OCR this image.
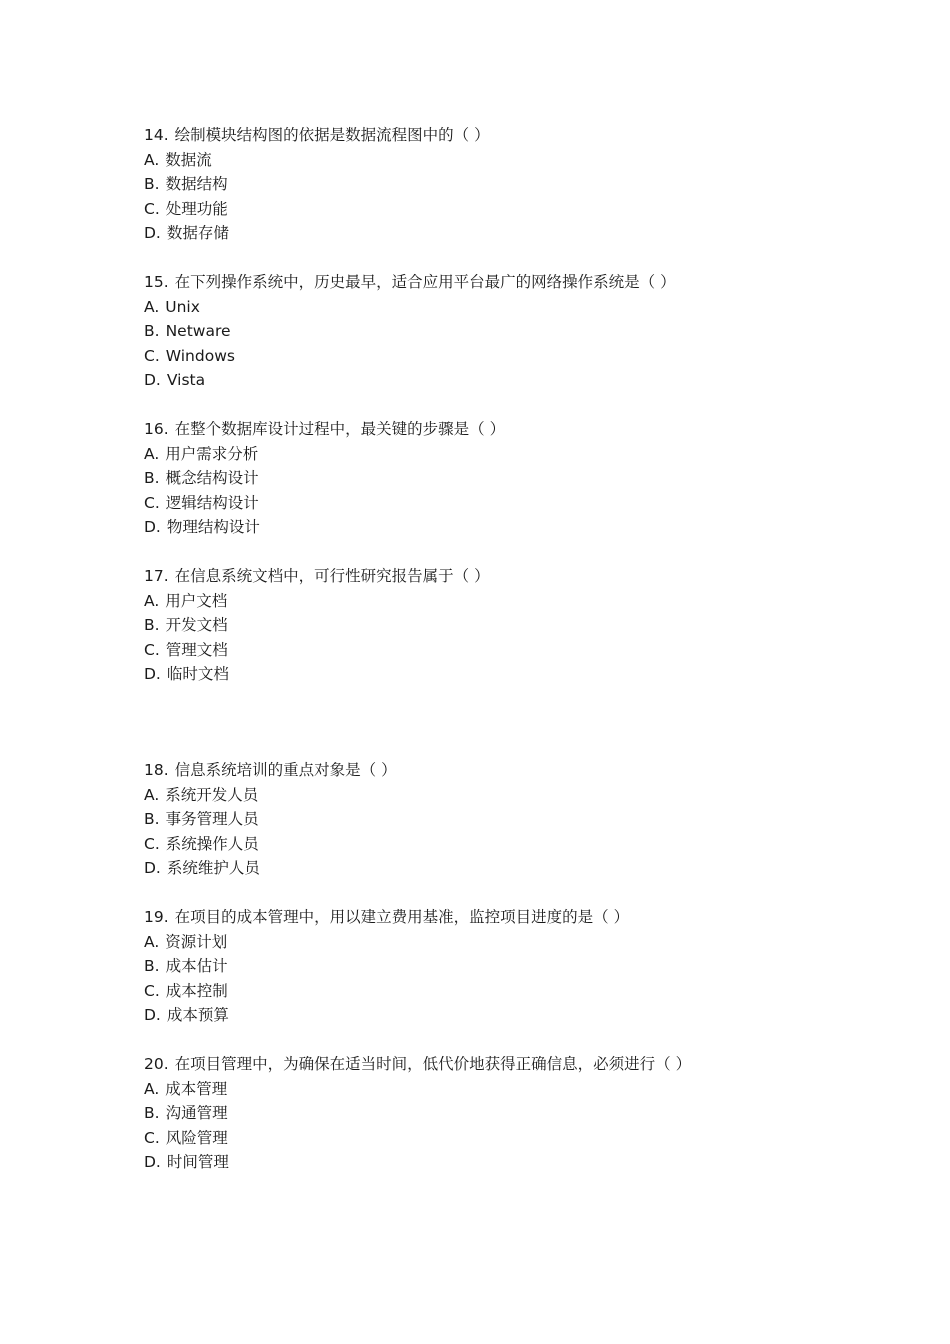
14. 绘制模块结构图的依据是数据流程图中的（ ）
A. 数据流
B. 数据结构
C. 处理功能
D. 数据存储
15. 在下列操作系统中，历史最早，适合应用平台最广的网络操作系统是（ ）
A. Unix
B. Netware
C. Windows
D. Vista
16. 在整个数据库设计过程中，最关键的步骤是（ ）
A. 用户需求分析
B. 概念结构设计
C. 逻辑结构设计
D. 物理结构设计
17. 在信息系统文档中，可行性研究报告属于（ ）
A. 用户文档
B. 开发文档
C. 管理文档
D. 临时文档
18. 信息系统培训的重点对象是（ ）
A. 系统开发人员
B. 事务管理人员
C. 系统操作人员
D. 系统维护人员
19. 在项目的成本管理中，用以建立费用基准，监控项目进度的是（ ）
A. 资源计划
B. 成本估计
C. 成本控制
D. 成本预算
20. 在项目管理中，为确保在适当时间，低代价地获得正确信息，必须进行（ ）
A. 成本管理
B. 沟通管理
C. 风险管理
D. 时间管理
